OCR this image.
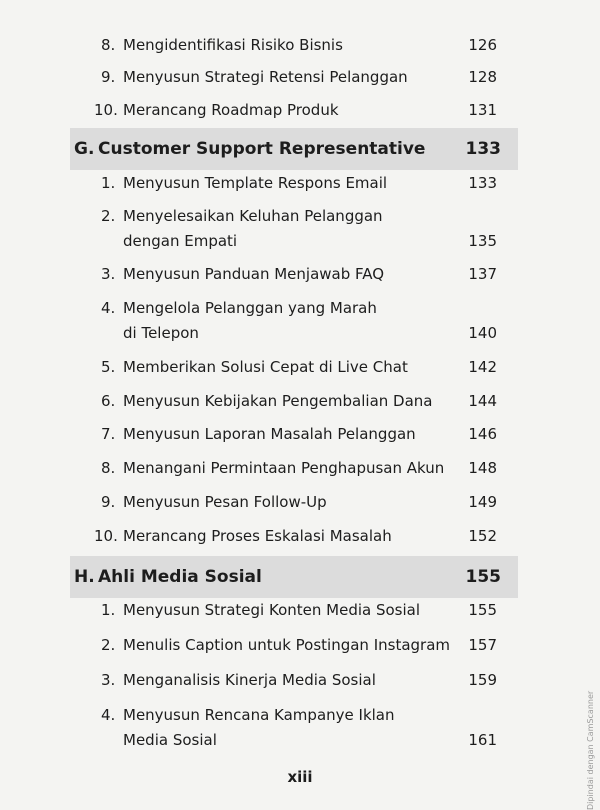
8. Mengidentifikasi Risiko Bisnis	126
9. Menyusun Strategi Retensi Pelanggan	128
10. Merancang Roadmap Produk	131
G. Customer Support Representative 133
1. Menyusun Template Respons Email	133
2. Menyelesaikan Keluhan Pelanggan
dengan Empati	135
3. Menyusun Panduan Menjawab FAQ	137
4. Mengelola Pelanggan yang Marah
di Telepon	140
5. Memberikan Solusi Cepat di Live Chat	142
6. Menyusun Kebijakan Pengembalian Dana	144
7. Menyusun Laporan Masalah Pelanggan	146
8. Menangani Permintaan Penghapusan Akun	148
9. Menyusun Pesan Follow-Up	149
10. Merancang Proses Eskalasi Masalah	152
H. Ahli Media Sosial	155
1. Menyusun Strategi Konten Media Sosial	155
2. Menulis Caption untuk Postingan Instagram	157
3. Menganalisis Kinerja Media Sosial	159
4. Menyusun Rencana Kampanye Iklan
Media Sosial	161
xiii	Dipindai dengan CamScanner
